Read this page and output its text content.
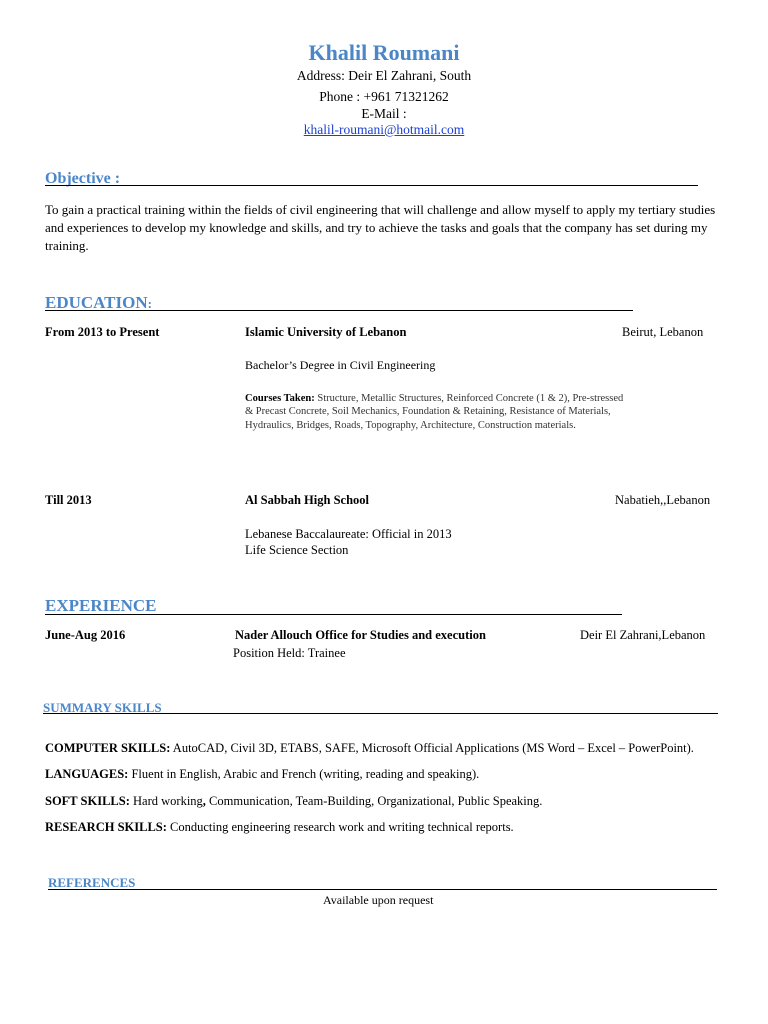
Khalil Roumani
Address: Deir El Zahrani, South
Phone : +961 71321262
E-Mail :
khalil-roumani@hotmail.com
Objective :
To gain a practical training within the fields of civil engineering that will challenge and allow myself to apply my tertiary studies and experiences to develop my knowledge and skills, and try to achieve the tasks and goals that the company has set during my training.
EDUCATION:
From 2013 to Present	Islamic University of Lebanon	Beirut, Lebanon
Bachelor’s Degree in Civil Engineering
Courses Taken: Structure, Metallic Structures, Reinforced Concrete (1 & 2), Pre-stressed & Precast Concrete, Soil Mechanics, Foundation & Retaining, Resistance of Materials, Hydraulics, Bridges, Roads, Topography, Architecture, Construction materials.
Till 2013	Al Sabbah High School	Nabatieh,,Lebanon
Lebanese Baccalaureate: Official in 2013
Life Science Section
EXPERIENCE
June-Aug 2016	Nader Allouch Office for Studies and execution	Deir El Zahrani,Lebanon
Position Held: Trainee
SUMMARY SKILLS
COMPUTER SKILLS: AutoCAD, Civil 3D, ETABS, SAFE, Microsoft Official Applications (MS Word – Excel – PowerPoint).
LANGUAGES: Fluent in English, Arabic and French (writing, reading and speaking).
SOFT SKILLS: Hard working, Communication, Team-Building, Organizational, Public Speaking.
RESEARCH SKILLS: Conducting engineering research work and writing technical reports.
REFERENCES
Available upon request
